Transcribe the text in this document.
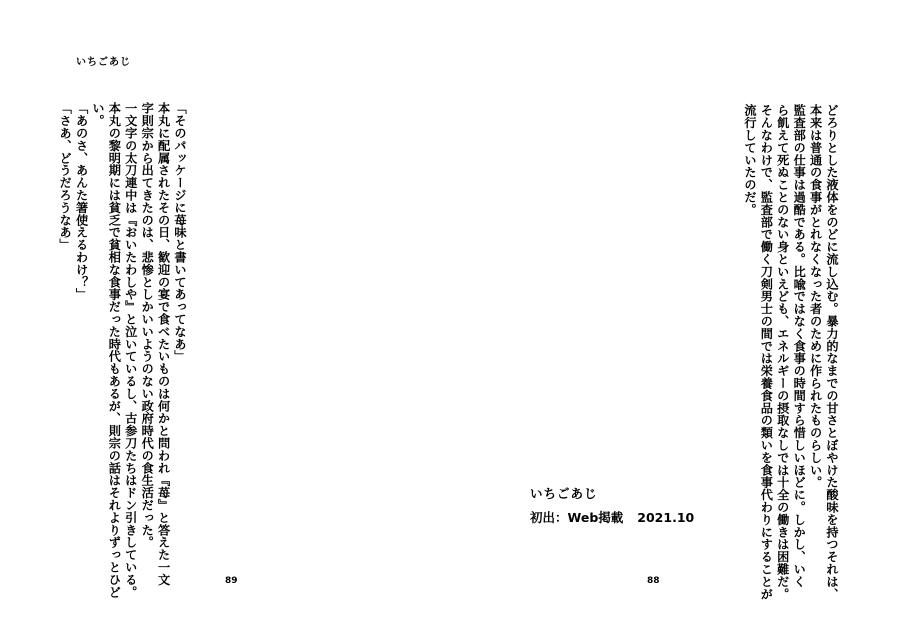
いちごあじ
「そのパッケージに苺味と書いてあってなあ」
本丸に配属されたその日、歓迎の宴で食べたいものは何かと問われ『苺』と答えた一文
字則宗から出てきたのは、悲惨としかいいようのない政府時代の食生活だった。
一文字の太刀連中は『おいたわしや』と泣いているし、古参刀たちはドン引きしている。
本丸の黎明期には貧乏で貧相な食事だった時代もあるが、則宗の話はそれよりずっとひど
い。
「あのさ、あんた箸使えるわけ？」
「さあ、どうだろうなあ」
89	どろりとした液体をのどに流し込む。暴力的なまでの甘さとぼやけた酸味を持つそれは、
本来は普通の食事がとれなくなった者のために作られたものらしい。
監査部の仕事は過酷である。比喩ではなく食事の時間すら惜しいほどに。しかし、いく
ら飢えて死ぬことのない身といえども、エネルギーの摂取なしでは十全の働きは困難だ。
そんなわけで、監査部で働く刀剣男士の間では栄養食品の類いを食事代わりにすることが
流行していたのだ。
88
いちごあじ
初出：Web掲載 2021.10
